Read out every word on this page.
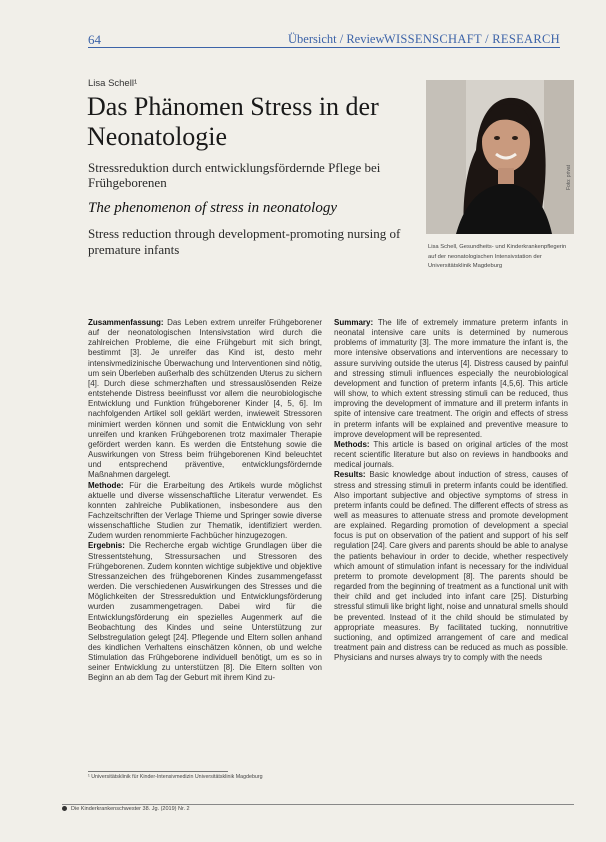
64	Übersicht / Review WISSENSCHAFT / RESEARCH
Lisa Schell¹
Das Phänomen Stress in der Neonatologie
Stressreduktion durch entwicklungsfördernde Pflege bei Frühgeborenen
The phenomenon of stress in neonatology
Stress reduction through development-promoting nursing of premature infants
Foto: privat
Lisa Schell, Gesundheits- und Kinderkrankenpflegerin auf der neonatologischen Intensivstation der Universitätsklinik Magdeburg

Zusammenfassung: Das Leben extrem unreifer Frühgeborener auf der neonatologischen Intensivstation wird durch die zahlreichen Probleme, die eine Frühgeburt mit sich bringt, bestimmt [3]. Je unreifer das Kind ist, desto mehr intensivmedizinische Überwachung und Interventionen sind nötig, um sein Überleben außerhalb des schützenden Uterus zu sichern [4]. Durch diese schmerzhaften und stressauslösenden Reize entstehende Distress beeinflusst vor allem die neurobiologische Entwicklung und Funktion frühgeborener Kinder [4, 5, 6]. Im nachfolgenden Artikel soll geklärt werden, inwieweit Stressoren minimiert werden können und somit die Entwicklung von sehr unreifen und kranken Frühgeborenen trotz maximaler Therapie gefördert werden kann. Es werden die Entstehung sowie die Auswirkungen von Stress beim frühgeborenen Kind beleuchtet und entsprechend präventive, entwicklungsfördernde Maßnahmen dargelegt.

Methode: Für die Erarbeitung des Artikels wurde möglichst aktuelle und diverse wissenschaftliche Literatur verwendet. Es konnten zahlreiche Publikationen, insbesondere aus den Fachzeitschriften der Verlage Thieme und Springer sowie diverse wissenschaftliche Studien zur Thematik, identifiziert werden. Zudem wurden renommierte Fachbücher hinzugezogen.

Ergebnis: Die Recherche ergab wichtige Grundlagen über die Stressentstehung, Stressursachen und Stressoren des Frühgeborenen. Zudem konnten wichtige subjektive und objektive Stressanzeichen des frühgeborenen Kindes zusammengefasst werden. Die verschiedenen Auswirkungen des Stresses und die Möglichkeiten der Stressreduktion und Entwicklungsförderung wurden zusammengetragen. Dabei wird für die Entwicklungsförderung ein spezielles Augenmerk auf die Beobachtung des Kindes und seine Unterstützung zur Selbstregulation gelegt [24]. Pflegende und Eltern sollen anhand des kindlichen Verhaltens einschätzen können, ob und welche Stimulation das Frühgeborene individuell benötigt, um es so in seiner Entwicklung zu unterstützen [8]. Die Eltern sollten von Beginn an ab dem Tag der Geburt mit ihrem Kind zu-

Summary: The life of extremely immature preterm infants in neonatal intensive care units is determined by numerous problems of immaturity [3]. The more immature the infant is, the more intensive observations and interventions are necessary to assure surviving outside the uterus [4]. Distress caused by painful and stressing stimuli influences especially the neurobiological development and function of preterm infants [4,5,6]. This article will show, to which extent stressing stimuli can be reduced, thus improving the development of immature and ill preterm infants in spite of intensive care treatment. The origin and effects of stress in preterm infants will be explained and preventive measure to improve development will be represented.

Methods: This article is based on original articles of the most recent scientific literature but also on reviews in handbooks and medical journals.

Results: Basic knowledge about induction of stress, causes of stress and stressing stimuli in preterm infants could be identified. Also important subjective and objective symptoms of stress in preterm infants could be defined. The different effects of stress as well as measures to attenuate stress and promote development are explained. Regarding promotion of development a special focus is put on observation of the patient and support of his self regulation [24]. Care givers and parents should be able to analyse the patients behaviour in order to decide, whether respectively which amount of stimulation infant is necessary for the individual preterm to promote development [8]. The parents should be regarded from the beginning of treatment as a functional unit with their child and get included into infant care [25]. Disturbing stressful stimuli like bright light, noise and unnatural smells should be prevented. Instead of it the child should be stimulated by appropriate measures. By facilitated tucking, nonnutritive suctioning, and optimized arrangement of care and medical treatment pain and distress can be reduced as much as possible. Physicians and nurses always try to comply with the needs

¹ Universitätsklinik für Kinder-Intensivmedizin Universitätsklinik Magdeburg
Die Kinderkrankenschwester 38. Jg. (2019) Nr. 2
